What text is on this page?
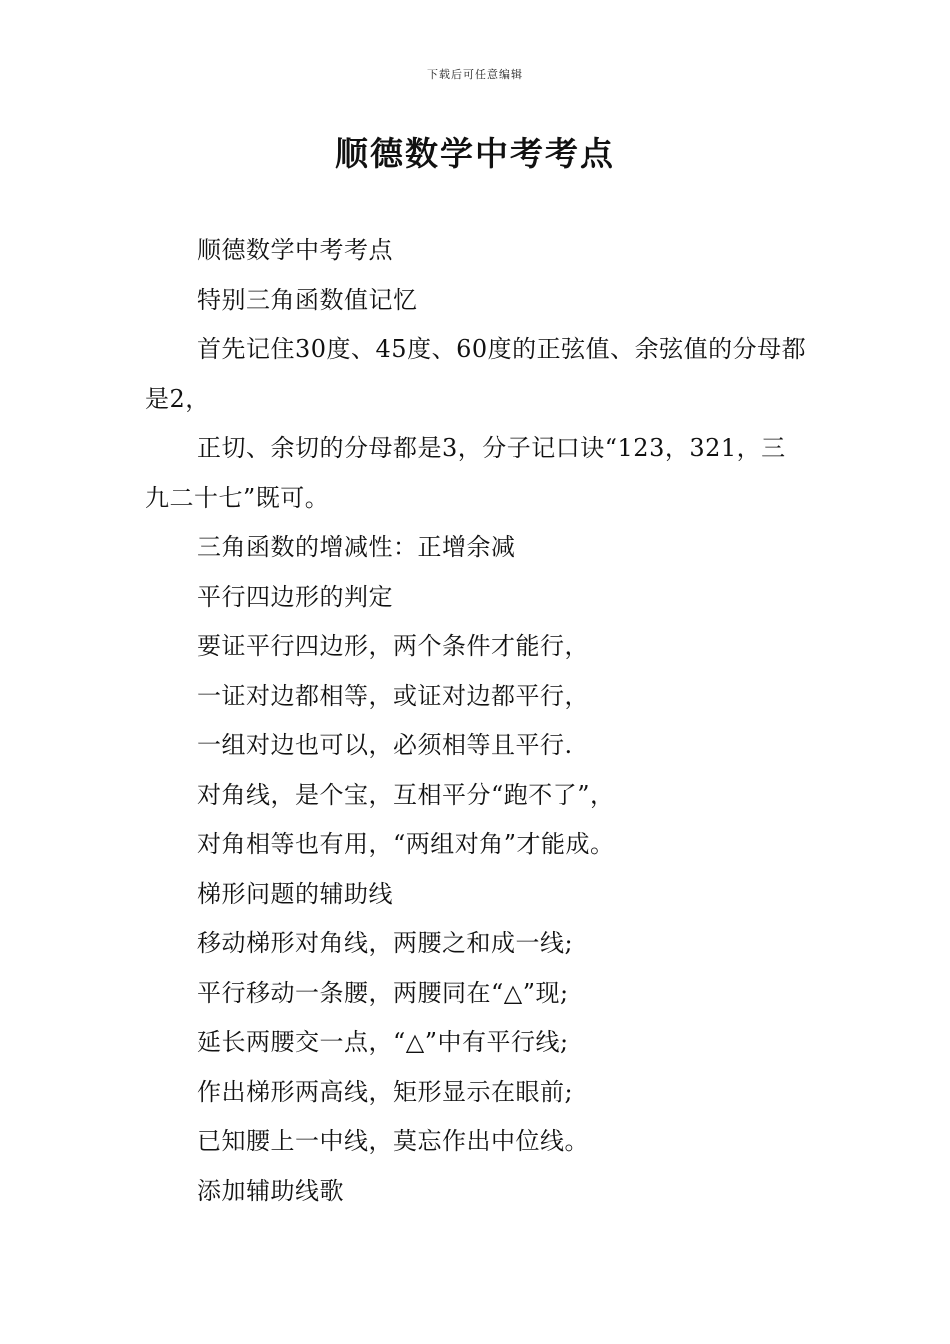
下载后可任意编辑
顺德数学中考考点

顺德数学中考考点

特别三角函数值记忆

首先记住30度、45度、60度的正弦值、余弦值的分母都是2，

正切、余切的分母都是3，分子记口诀“123，321，三九二十七”既可。

三角函数的增减性：正增余减

平行四边形的判定

要证平行四边形，两个条件才能行，

一证对边都相等，或证对边都平行，

一组对边也可以，必须相等且平行.

对角线，是个宝，互相平分“跑不了”，

对角相等也有用，“两组对角”才能成。

梯形问题的辅助线

移动梯形对角线，两腰之和成一线;

平行移动一条腰，两腰同在“△”现;

延长两腰交一点，“△”中有平行线;

作出梯形两高线，矩形显示在眼前;

已知腰上一中线，莫忘作出中位线。

添加辅助线歌
